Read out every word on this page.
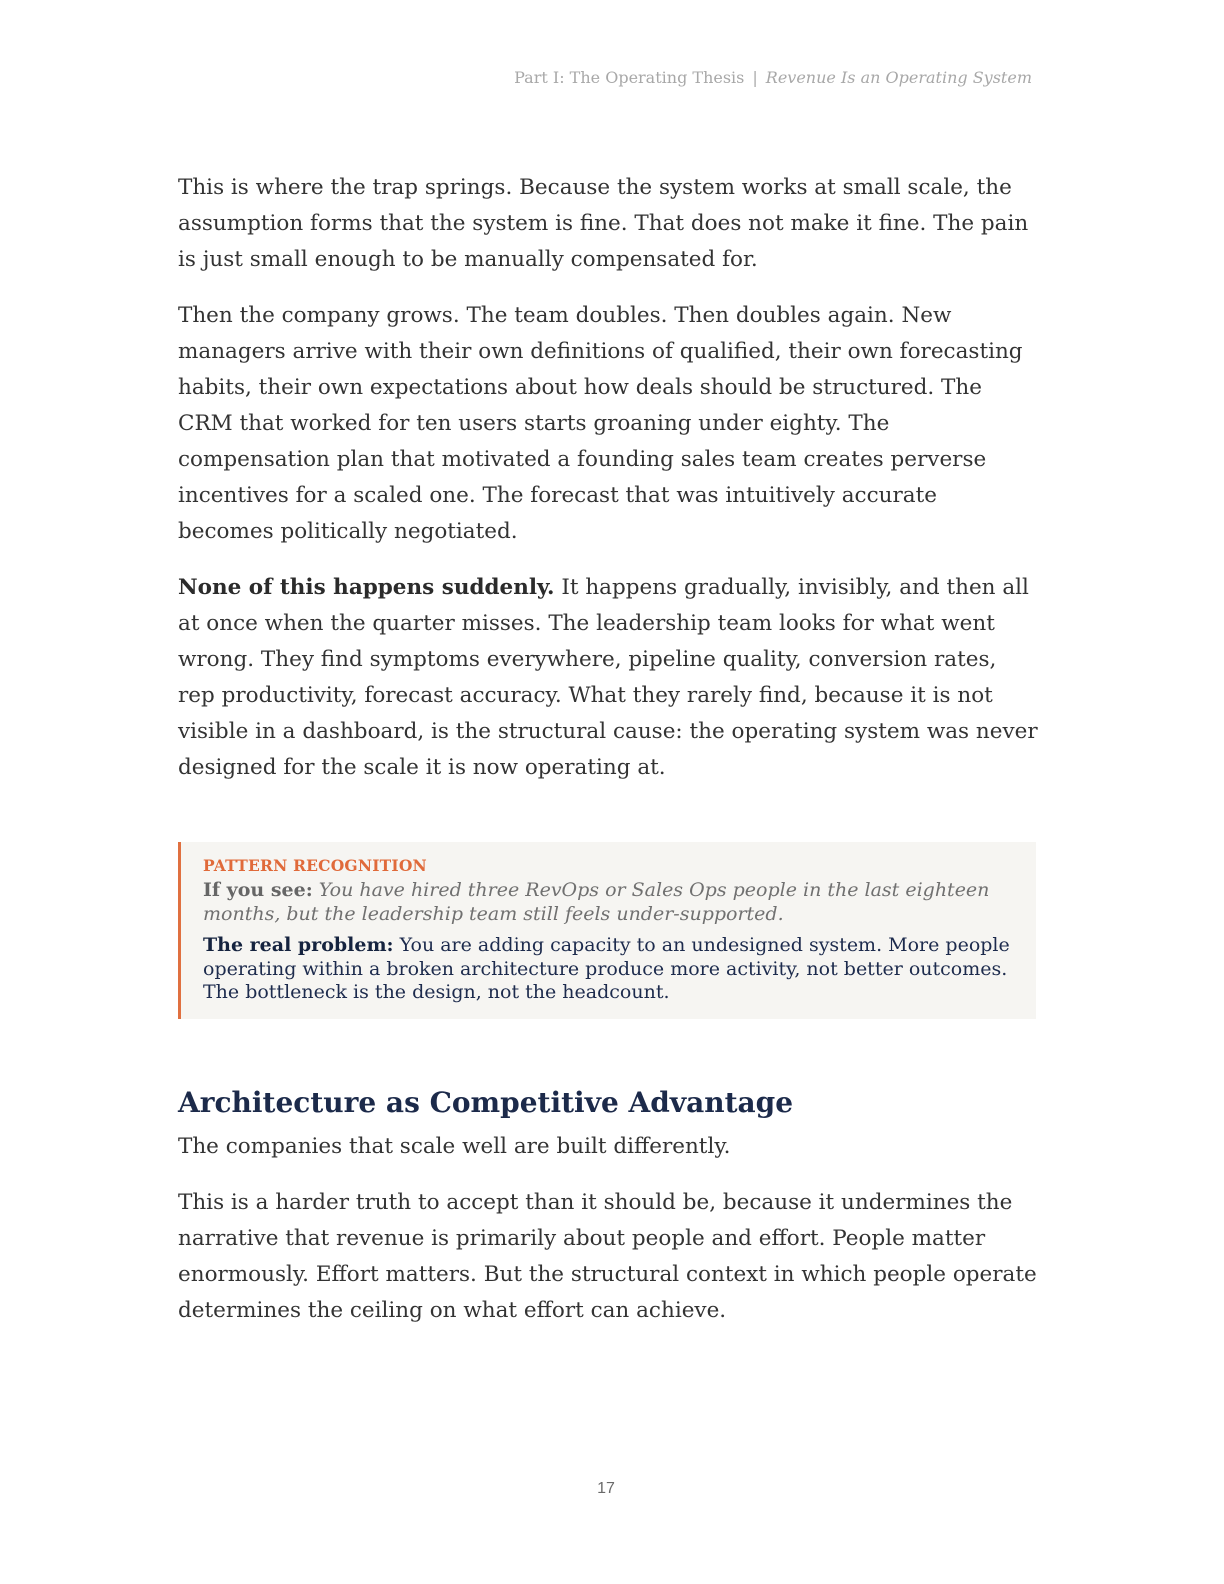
Part I: The Operating Thesis | Revenue Is an Operating System

This is where the trap springs. Because the system works at small scale, the assumption forms that the system is fine. That does not make it fine. The pain is just small enough to be manually compensated for.

Then the company grows. The team doubles. Then doubles again. New managers arrive with their own definitions of qualified, their own forecasting habits, their own expectations about how deals should be structured. The CRM that worked for ten users starts groaning under eighty. The compensation plan that motivated a founding sales team creates perverse incentives for a scaled one. The forecast that was intuitively accurate becomes politically negotiated.

None of this happens suddenly. It happens gradually, invisibly, and then all at once when the quarter misses. The leadership team looks for what went wrong. They find symptoms everywhere, pipeline quality, conversion rates, rep productivity, forecast accuracy. What they rarely find, because it is not visible in a dashboard, is the structural cause: the operating system was never designed for the scale it is now operating at.

PATTERN RECOGNITION

If you see: You have hired three RevOps or Sales Ops people in the last eighteen months, but the leadership team still feels under-supported.

The real problem: You are adding capacity to an undesigned system. More people operating within a broken architecture produce more activity, not better outcomes. The bottleneck is the design, not the headcount.

Architecture as Competitive Advantage

The companies that scale well are built differently.

This is a harder truth to accept than it should be, because it undermines the narrative that revenue is primarily about people and effort. People matter enormously. Effort matters. But the structural context in which people operate determines the ceiling on what effort can achieve.

17
